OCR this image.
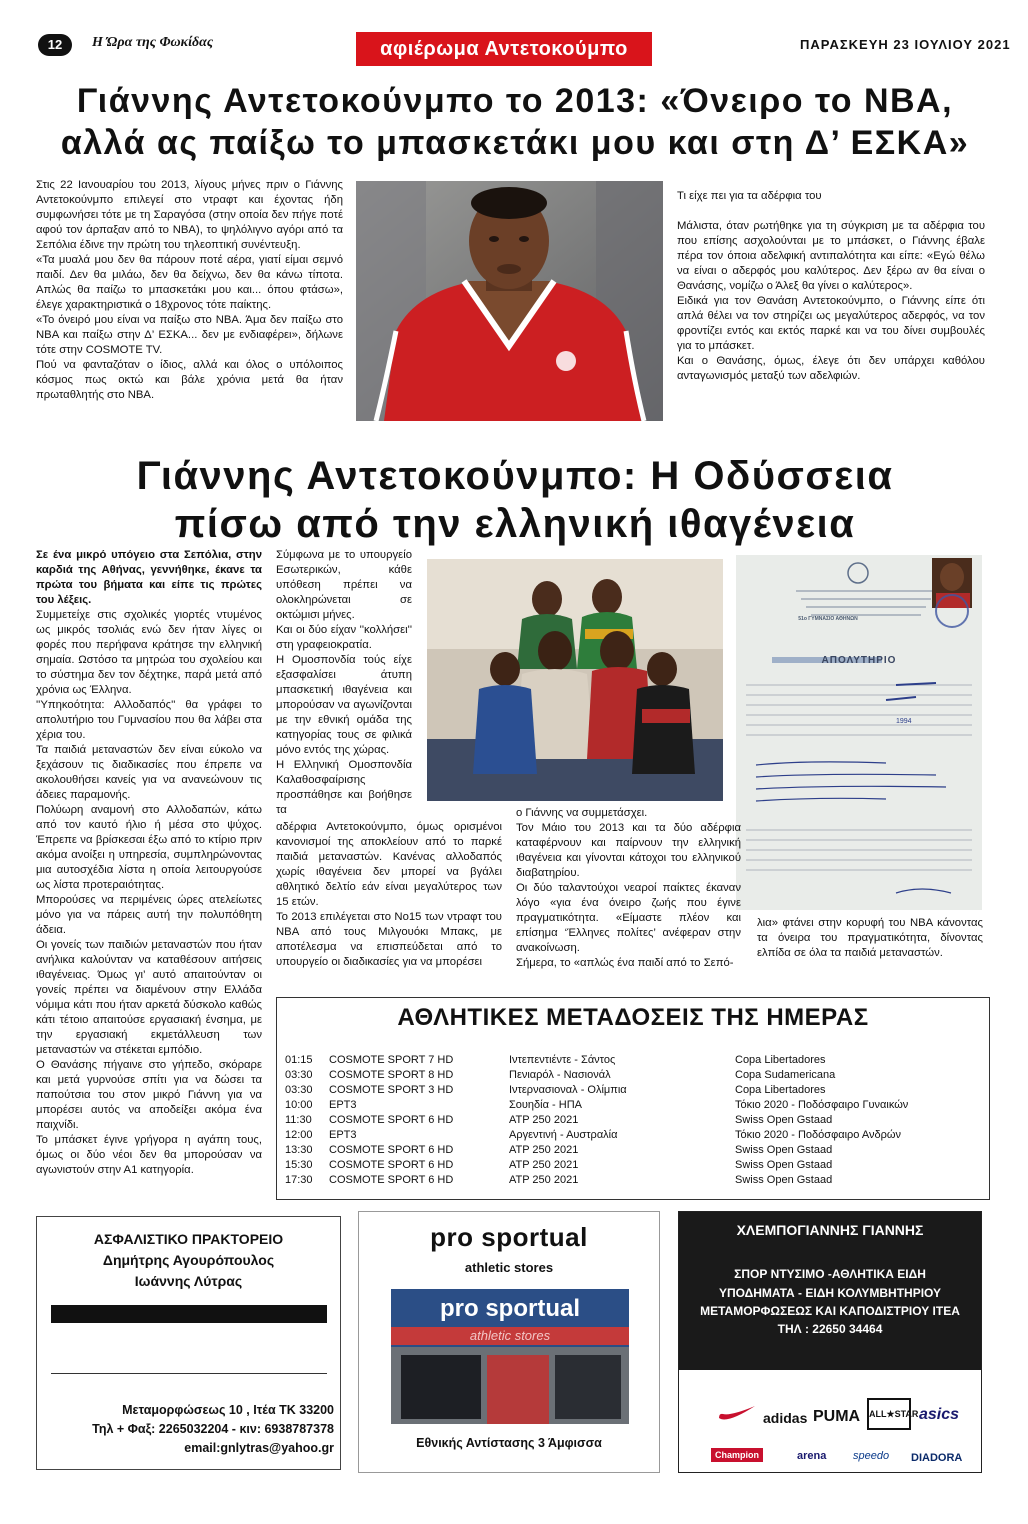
12	Η Ώρα της Φωκίδας	αφιέρωμα Αντετοκούμπο	ΠΑΡΑΣΚΕΥΗ 23 ΙΟΥΛΙΟΥ 2021
Γιάννης Αντετοκούνμπο το 2013: «Όνειρο το NBA,
αλλά ας παίξω το μπασκετάκι μου και στη Δ’ ΕΣΚΑ»

Στις 22 Ιανουαρίου του 2013, λίγους μήνες πριν ο Γιάννης Αντετοκούνμπο επιλεγεί στο ντραφτ και έχοντας ήδη συμφωνήσει τότε με τη Σαραγόσα (στην οποία δεν πήγε ποτέ αφού τον άρπαξαν από το ΝΒΑ), το ψηλόλιγνο αγόρι από τα Σεπόλια έδινε την πρώτη του τηλεοπτική συνέντευξη.

«Τα μυαλά μου δεν θα πάρουν ποτέ αέρα, γιατί είμαι σεμνό παιδί. Δεν θα μιλάω, δεν θα δείχνω, δεν θα κάνω τίποτα. Απλώς θα παίζω το μπασκετάκι μου και... όπου φτάσω», έλεγε χαρακτηριστικά ο 18χρονος τότε παίκτης.

«Το όνειρό μου είναι να παίξω στο ΝΒΑ. Άμα δεν παίξω στο ΝΒΑ και παίξω στην Δ’ ΕΣΚΑ... δεν με ενδιαφέρει», δήλωνε τότε στην COSMOTE TV.

Πού να φανταζόταν ο ίδιος, αλλά και όλος ο υπόλοιπος κόσμος πως οκτώ και βάλε χρόνια μετά θα ήταν πρωταθλητής στο ΝΒΑ.

Τι είχε πει για τα αδέρφια του

Μάλιστα, όταν ρωτήθηκε για τη σύγκριση με τα αδέρφια του που επίσης ασχολούνται με το μπάσκετ, ο Γιάννης έβαλε πέρα τον όποια αδελφική αντιπαλότητα και είπε: «Εγώ θέλω να είναι ο αδερφός μου καλύτερος. Δεν ξέρω αν θα είναι ο Θανάσης, νομίζω ο Άλεξ θα γίνει ο καλύτερος».

Ειδικά για τον Θανάση Αντετοκούνμπο, ο Γιάννης είπε ότι απλά θέλει να τον στηρίζει ως μεγαλύτερος αδερφός, να τον φροντίζει εντός και εκτός παρκέ και να του δίνει συμβουλές για το μπάσκετ.

Και ο Θανάσης, όμως, έλεγε ότι δεν υπάρχει καθόλου ανταγωνισμός μεταξύ των αδελφιών.

Γιάννης Αντετοκούνμπο: Η Οδύσσεια
πίσω από την ελληνική ιθαγένεια

Σε ένα μικρό υπόγειο στα Σεπόλια, στην καρδιά της Αθήνας, γεννήθηκε, έκανε τα πρώτα του βήματα και είπε τις πρώτες του λέξεις.

Συμμετείχε στις σχολικές γιορτές ντυμένος ως μικρός τσολιάς ενώ δεν ήταν λίγες οι φορές που περήφανα κράτησε την ελληνική σημαία. Ωστόσο τα μητρώα του σχολείου και το σύστημα δεν τον δέχτηκε, παρά μετά από χρόνια ως Έλληνα.

''Υπηκοότητα: Αλλοδαπός'' θα γράφει το απολυτήριο του Γυμνασίου που θα λάβει στα χέρια του.

Τα παιδιά μεταναστών δεν είναι εύκολο να ξεχάσουν τις διαδικασίες που έπρεπε να ακολουθήσει κανείς για να ανανεώνουν τις άδειες παραμονής.

Πολύωρη αναμονή στο Αλλοδαπών, κάτω από τον καυτό ήλιο ή μέσα στο ψύχος. Έπρεπε να βρίσκεσαι έξω από το κτίριο πριν ακόμα ανοίξει η υπηρεσία, συμπληρώνοντας μια αυτοσχέδια λίστα η οποία λειτουργούσε ως λίστα προτεραιότητας.

Μπορούσες να περιμένεις ώρες ατελείωτες μόνο για να πάρεις αυτή την πολυπόθητη άδεια.

Οι γονείς των παιδιών μεταναστών που ήταν ανήλικα καλούνταν να καταθέσουν αιτήσεις ιθαγένειας. Όμως γι’ αυτό απαιτούνταν οι γονείς πρέπει να διαμένουν στην Ελλάδα νόμιμα κάτι που ήταν αρκετά δύσκολο καθώς κάτι τέτοιο απαιτούσε εργασιακή ένσημα, με την εργασιακή εκμετάλλευση των μεταναστών να στέκεται εμπόδιο.

Ο Θανάσης πήγαινε στο γήπεδο, σκόραρε και μετά γυρνούσε σπίτι για να δώσει τα παπούτσια του στον μικρό Γιάννη για να μπορέσει αυτός να αποδείξει ακόμα ένα παιχνίδι.

Το μπάσκετ έγινε γρήγορα η αγάπη τους, όμως οι δύο νέοι δεν θα μπορούσαν να αγωνιστούν στην Α1 κατηγορία.

Σύμφωνα με το υπουργείο Εσωτερικών, κάθε υπόθεση πρέπει να ολοκληρώνεται σε οκτώμισι μήνες.

Και οι δύο είχαν ''κολλήσει'' στη γραφειοκρατία.

Η Ομοσπονδία τούς είχε εξασφαλίσει άτυπη μπασκετική ιθαγένεια και μπορούσαν να αγωνίζονται με την εθνική ομάδα της κατηγορίας τους σε φιλικά μόνο εντός της χώρας.

Η Ελληνική Ομοσπονδία Καλαθοσφαίρισης προσπάθησε και βοήθησε τα

αδέρφια Αντετοκούνμπο, όμως ορισμένοι κανονισμοί της αποκλείουν από το παρκέ παιδιά μεταναστών. Κανένας αλλοδαπός χωρίς ιθαγένεια δεν μπορεί να βγάλει αθλητικό δελτίο εάν είναι μεγαλύτερος των 15 ετών.

Το 2013 επιλέγεται στο Νο15 των ντραφτ του NBA από τους Μιλγουόκι Μπακς, με αποτέλεσμα να επισπεύδεται από το υπουργείο οι διαδικασίες για να μπορέσει

51ο ΓΥΜΝΑΣΙΟ ΑΘΗΝΩΝ
ΑΠΟΛΥΤΗΡΙΟ
1994

ο Γιάννης να συμμετάσχει.

Τον Μάιο του 2013 και τα δύο αδέρφια καταφέρνουν και παίρνουν την ελληνική ιθαγένεια και γίνονται κάτοχοι του ελληνικού διαβατηρίου.

Οι δύο ταλαντούχοι νεαροί παίκτες έκαναν λόγο «για ένα όνειρο ζωής που έγινε πραγματικότητα. «Είμαστε πλέον και επίσημα ‘Έλληνες πολίτες’ ανέφεραν στην ανακοίνωση.

Σήμερα, το «απλώς ένα παιδί από το Σεπό-

λια» φτάνει στην κορυφή του NBA κάνοντας τα όνειρα του πραγματικότητα, δίνοντας ελπίδα σε όλα τα παιδιά μεταναστών.

ΑΘΛΗΤΙΚΕΣ ΜΕΤΑΔΟΣΕΙΣ ΤΗΣ ΗΜΕΡΑΣ
01:15 COSMOTE SPORT 7 HD	Ιντεπεντιέντε - Σάντος	Copa Libertadores
03:30 COSMOTE SPORT 8 HD	Πενιαρόλ - Νασιονάλ	Copa Sudamericana
03:30 COSMOTE SPORT 3 HD	Ιντερνασιοναλ - Ολίμπια	Copa Libertadores
10:00 ΕΡΤ3	Σουηδία - ΗΠΑ	Τόκιο 2020 - Ποδόσφαιρο Γυναικών
11:30 COSMOTE SPORT 6 HD	ATP 250 2021	Swiss Open Gstaad
12:00 ΕΡΤ3	Αργεντινή - Αυστραλία	Τόκιο 2020 - Ποδόσφαιρο Ανδρών
13:30 COSMOTE SPORT 6 HD	ATP 250 2021	Swiss Open Gstaad
15:30 COSMOTE SPORT 6 HD	ATP 250 2021	Swiss Open Gstaad
17:30 COSMOTE SPORT 6 HD	ATP 250 2021	Swiss Open Gstaad
ΑΣΦΑΛΙΣΤΙΚΟ ΠΡΑΚΤΟΡΕΙΟ
Δημήτρης Αγουρόπουλος
Ιωάννης Λύτρας
Μεταμορφώσεως 10 , Ιτέα ΤΚ 33200
Τηλ + Φαξ: 2265032204 - κιν: 6938787378
email:gnlytras@yahoo.gr
pro sportual
athletic stores
pro sportual
athletic stores
Εθνικής Αντίστασης 3 Άμφισσα
ΧΛΕΜΠΟΓΙΑΝΝΗΣ ΓΙΑΝΝΗΣ
ΣΠΟΡ ΝΤΥΣΙΜΟ -ΑΘΛΗΤΙΚΑ ΕΙΔΗ
ΥΠΟΔΗΜΑΤΑ - ΕΙΔΗ ΚΟΛΥΜΒΗΤΗΡΙΟΥ
ΜΕΤΑΜΟΡΦΩΣΕΩΣ ΚΑΙ ΚΑΠΟΔΙΣΤΡΙΟΥ ΙΤΕΑ
ΤΗΛ : 22650 34464
adidas PUMA ALL★STAR asics
Champion	arena speedo DIADORA
